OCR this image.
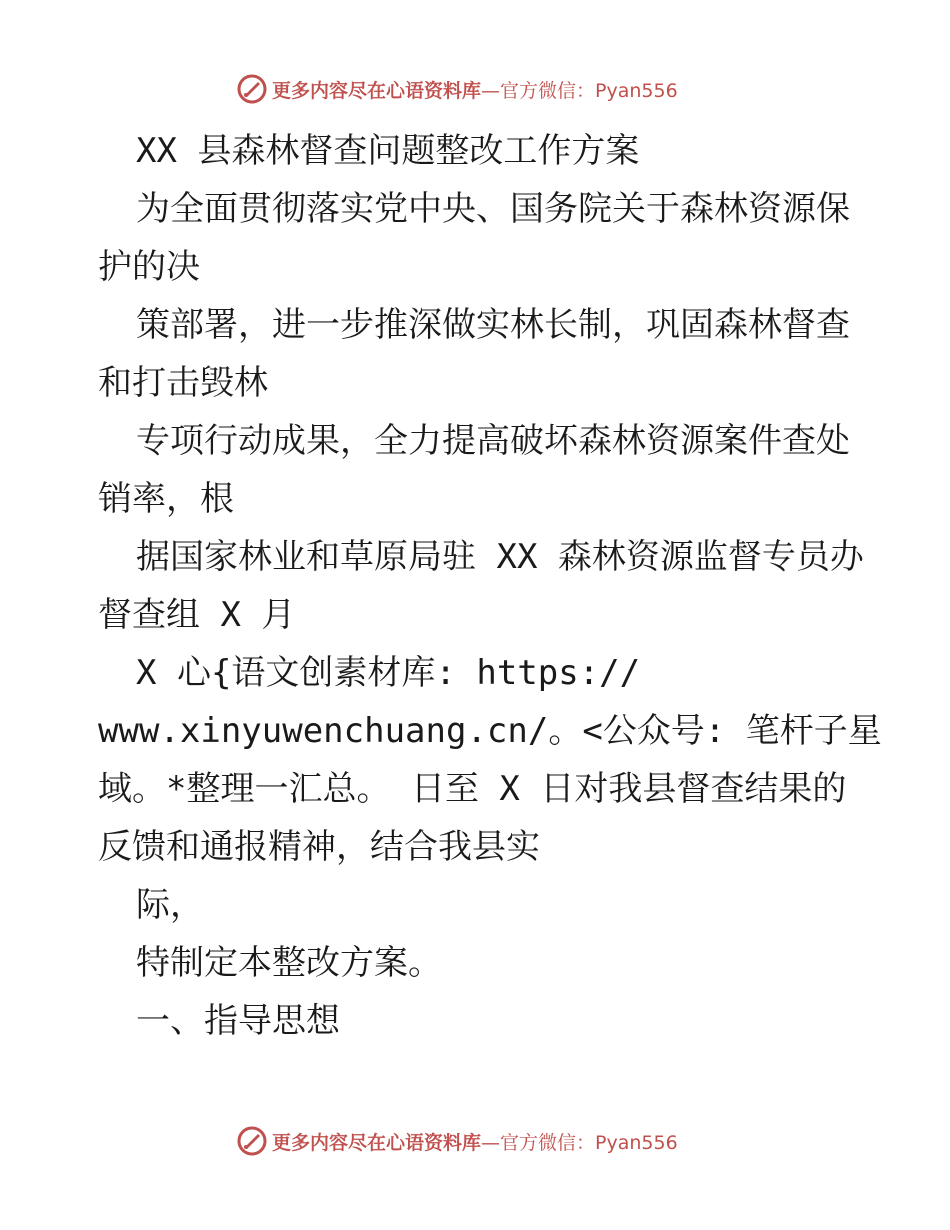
更多内容尽在心语资料库 —官方微信：Pyan556
XX 县森林督查问题整改工作方案
为全面贯彻落实党中央、国务院关于森林资源保
护的决
策部署，进一步推深做实林长制，巩固森林督查
和打击毁林
专项行动成果，全力提高破坏森林资源案件查处
销率，根
据国家林业和草原局驻 XX 森林资源监督专员办
督查组 X 月
X 心{语文创素材库: https://
www.xinyuwenchuang.cn/。<公众号: 笔杆子星
域。*整理一汇总。 日至 X 日对我县督查结果的
反馈和通报精神，结合我县实
际，
特制定本整改方案。
一、指导思想
更多内容尽在心语资料库 —官方微信：Pyan556
